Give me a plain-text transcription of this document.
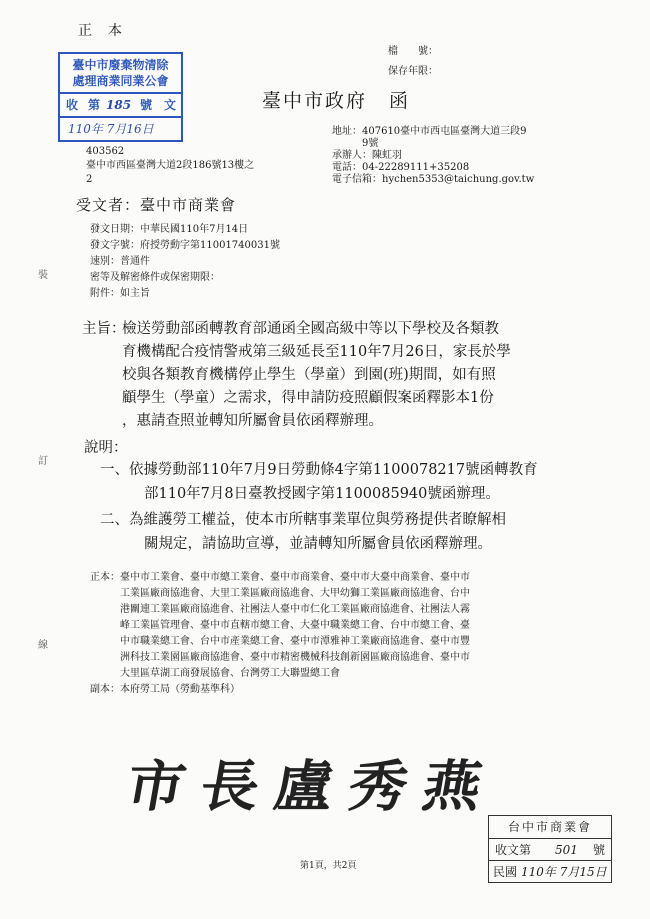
正本
檔　　號：
保存年限：
臺中市廢棄物清除
處理商業同業公會
收 第 185 號 文
110年 7月16日
臺中市政府 函
地址：407610臺中市西屯區臺灣大道三段9
9號
承辦人：陳虹羽
電話：04-22289111+35208
電子信箱：hychen5353@taichung.gov.tw
403562
臺中市西區臺灣大道2段186號13樓之
2
受文者：臺中市商業會
發文日期：中華民國110年7月14日
發文字號：府授勞動字第11001740031號
速別：普通件
密等及解密條件或保密期限：
附件：如主旨
裝
訂
線
主旨：
檢送勞動部函轉教育部通函全國高級中等以下學校及各類教
育機構配合疫情警戒第三級延長至110年7月26日，家長於學
校與各類教育機構停止學生（學童）到園(班)期間，如有照
顧學生（學童）之需求，得申請防疫照顧假案函釋影本1份
，惠請查照並轉知所屬會員依函釋辦理。
說明：
一、依據勞動部110年7月9日勞動條4字第1100078217號函轉教育
部110年7月8日臺教授國字第1100085940號函辦理。
二、為維護勞工權益，使本市所轄事業單位與勞務提供者瞭解相
關規定，請協助宣導，並請轉知所屬會員依函釋辦理。
正本：臺中市工業會、臺中市總工業會、臺中市商業會、臺中市大臺中商業會、臺中市
工業區廠商協進會、大里工業區廠商協進會、大甲幼獅工業區廠商協進會、台中
港關連工業區廠商協進會、社團法人臺中市仁化工業區廠商協進會、社團法人霧
峰工業區管理會、臺中市直轄市總工會、大臺中職業總工會、台中市總工會、臺
中市職業總工會、台中市產業總工會、臺中市潭雅神工業廠商協進會、臺中市豐
洲科技工業園區廠商協進會、臺中市精密機械科技創新園區廠商協進會、臺中市
大里區草湖工商發展協會、台灣勞工大聯盟總工會
副本：本府勞工局（勞動基準科）
市長盧秀燕
台中市商業會
收文第 501 號
民國 110年 7月15日
第1頁，共2頁
